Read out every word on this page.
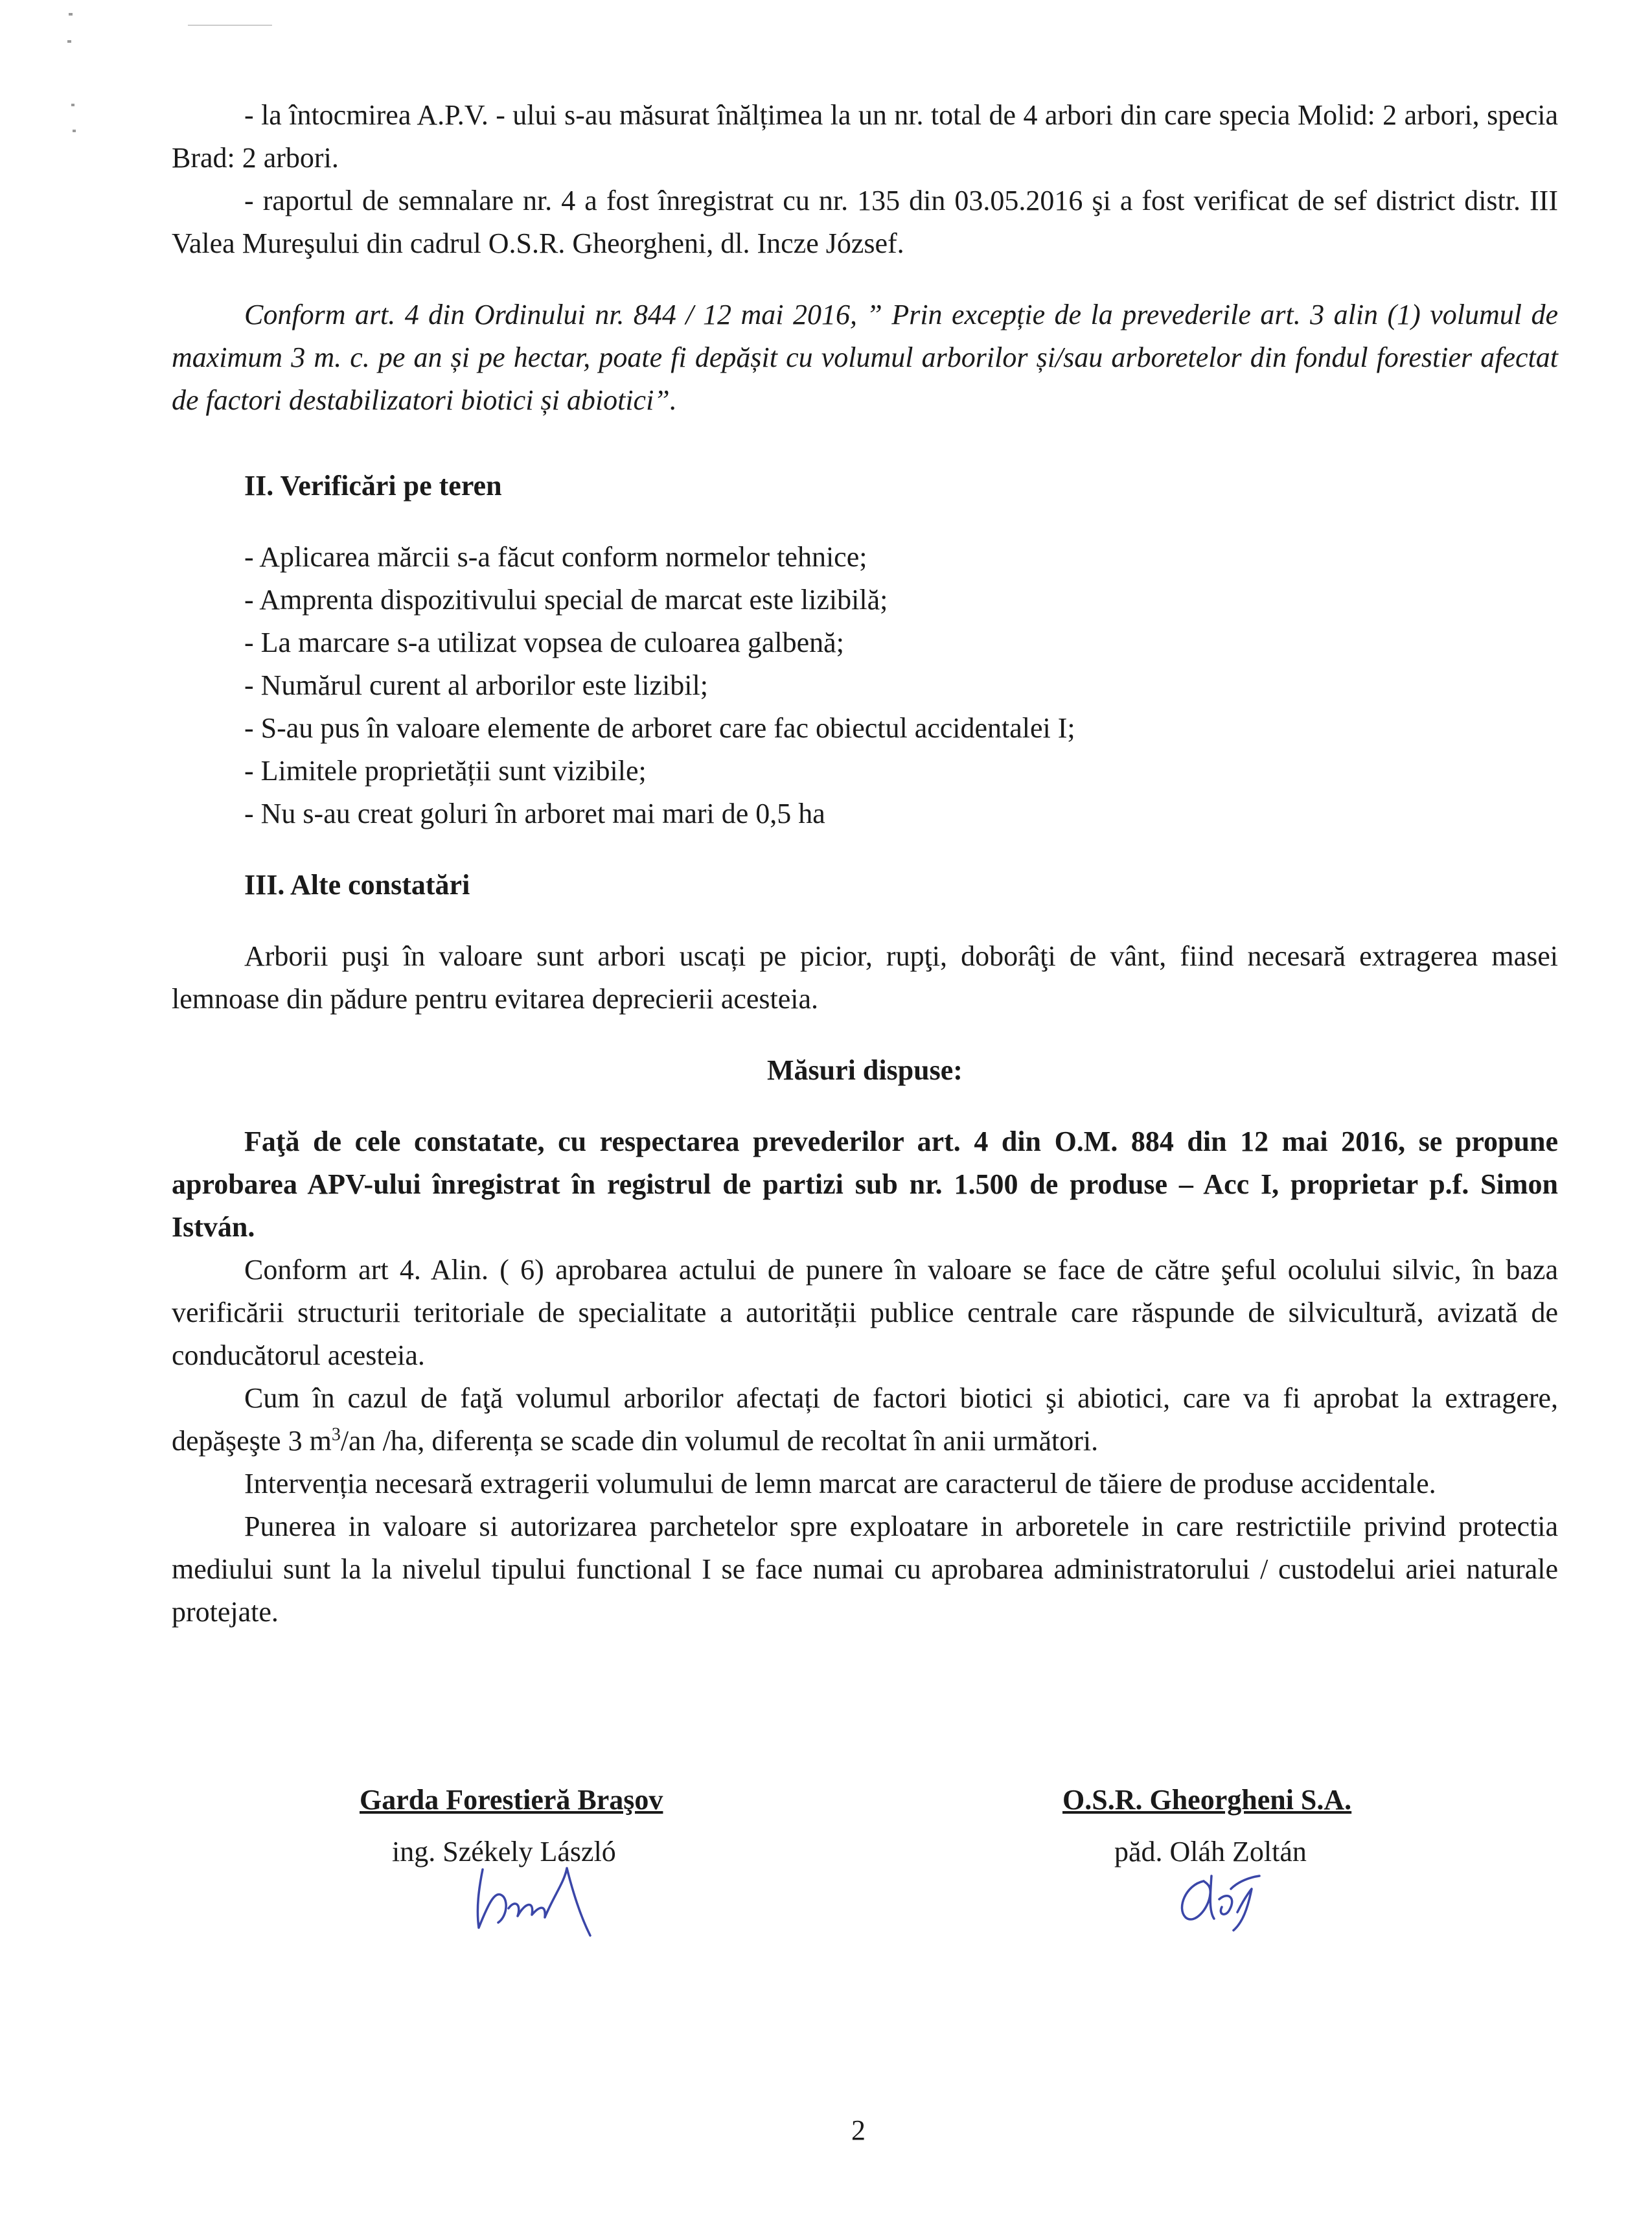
- la întocmirea A.P.V. - ului s-au măsurat înălțimea la un nr. total de 4 arbori din care specia Molid: 2 arbori, specia Brad: 2 arbori.

- raportul de semnalare nr. 4 a fost înregistrat cu nr. 135 din 03.05.2016 şi a fost verificat de sef district distr. III Valea Mureşului din cadrul O.S.R. Gheorgheni, dl. Incze József.

Conform art. 4 din Ordinului nr. 844 / 12 mai 2016, ” Prin excepție de la prevederile art. 3 alin (1) volumul de maximum 3 m. c. pe an și pe hectar, poate fi depășit cu volumul arborilor și/sau arboretelor din fondul forestier afectat de factori destabilizatori biotici și abiotici”.

II. Verificări pe teren

- Aplicarea mărcii s-a făcut conform normelor tehnice;

- Amprenta dispozitivului special de marcat este lizibilă;

- La marcare s-a utilizat vopsea de culoarea galbenă;

- Numărul curent al arborilor este lizibil;

- S-au pus în valoare elemente de arboret care fac obiectul accidentalei I;

- Limitele proprietății sunt vizibile;

- Nu s-au creat goluri în arboret mai mari de 0,5 ha

III. Alte constatări

Arborii puşi în valoare sunt arbori uscați pe picior, rupţi, doborâţi de vânt, fiind necesară extragerea masei lemnoase din pădure pentru evitarea deprecierii acesteia.

Măsuri dispuse:

Faţă de cele constatate, cu respectarea prevederilor art. 4 din O.M. 884 din 12 mai 2016, se propune aprobarea APV-ului înregistrat în registrul de partizi sub nr. 1.500 de produse – Acc I, proprietar p.f. Simon István.

Conform art 4. Alin. ( 6) aprobarea actului de punere în valoare se face de către şeful ocolului silvic, în baza verificării structurii teritoriale de specialitate a autorității publice centrale care răspunde de silvicultură, avizată de conducătorul acesteia.

Cum în cazul de faţă volumul arborilor afectați de factori biotici şi abiotici, care va fi aprobat la extragere, depăşeşte 3 $m^3/an$ /ha, diferența se scade din volumul de recoltat în anii următori.

Intervenția necesară extragerii volumului de lemn marcat are caracterul de tăiere de produse accidentale.

Punerea in valoare si autorizarea parchetelor spre exploatare in arboretele in care restrictiile privind protectia mediului sunt la la nivelul tipului functional I se face numai cu aprobarea administratorului / custodelui ariei naturale protejate.

Garda Forestieră Braşov
ing. Székely László
O.S.R. Gheorgheni S.A.
păd. Oláh Zoltán
2
